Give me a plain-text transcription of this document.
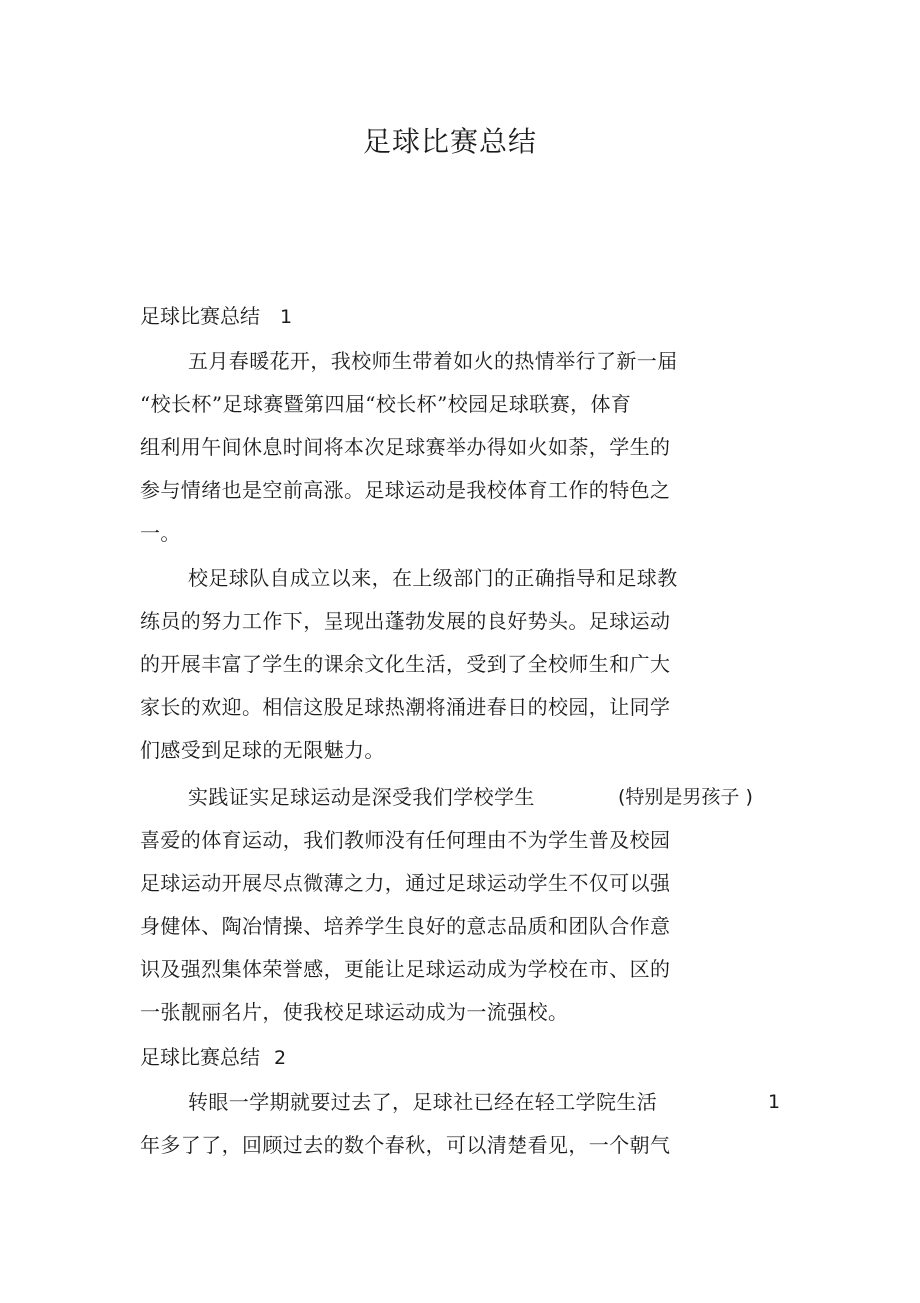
足球比赛总结
足球比赛总结 1
五月春暖花开，我校师生带着如火的热情举行了新一届
“校长杯”足球赛暨第四届“校长杯”校园足球联赛，体育
组利用午间休息时间将本次足球赛举办得如火如荼，学生的
参与情绪也是空前高涨。足球运动是我校体育工作的特色之
一。
校足球队自成立以来，在上级部门的正确指导和足球教
练员的努力工作下，呈现出蓬勃发展的良好势头。足球运动
的开展丰富了学生的课余文化生活，受到了全校师生和广大
家长的欢迎。相信这股足球热潮将涌进春日的校园，让同学
们感受到足球的无限魅力。
实践证实足球运动是深受我们学校学生	(特别是男孩子 )
喜爱的体育运动，我们教师没有任何理由不为学生普及校园
足球运动开展尽点微薄之力，通过足球运动学生不仅可以强
身健体、陶冶情操、培养学生良好的意志品质和团队合作意
识及强烈集体荣誉感，更能让足球运动成为学校在市、区的
一张靓丽名片，使我校足球运动成为一流强校。
足球比赛总结 2
转眼一学期就要过去了，足球社已经在轻工学院生活	1
年多了了，回顾过去的数个春秋，可以清楚看见，一个朝气
